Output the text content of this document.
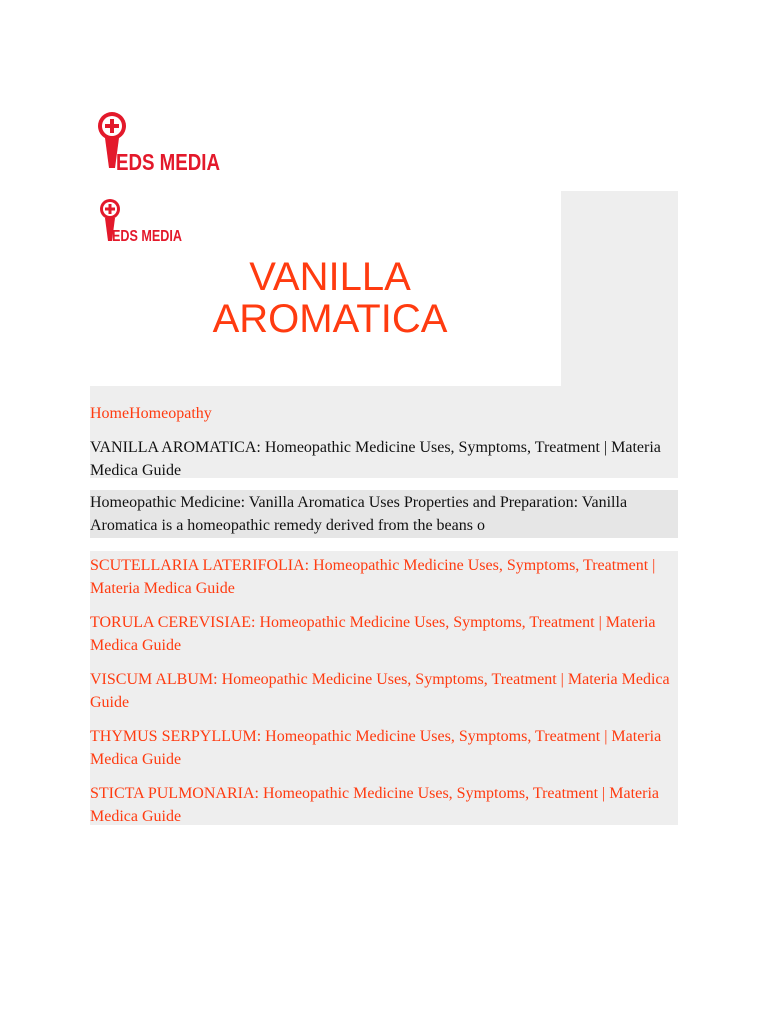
EDS MEDIA
EDS MEDIA
VANILLA AROMATICA
HomeHomeopathy
VANILLA AROMATICA: Homeopathic Medicine Uses, Symptoms, Treatment | Materia Medica Guide

Homeopathic Medicine: Vanilla Aromatica Uses Properties and Preparation: Vanilla Aromatica is a homeopathic remedy derived from the beans o

SCUTELLARIA LATERIFOLIA: Homeopathic Medicine Uses, Symptoms, Treatment | Materia Medica Guide
TORULA CEREVISIAE: Homeopathic Medicine Uses, Symptoms, Treatment | Materia Medica Guide
VISCUM ALBUM: Homeopathic Medicine Uses, Symptoms, Treatment | Materia Medica Guide
THYMUS SERPYLLUM: Homeopathic Medicine Uses, Symptoms, Treatment | Materia Medica Guide
STICTA PULMONARIA: Homeopathic Medicine Uses, Symptoms, Treatment | Materia Medica Guide
